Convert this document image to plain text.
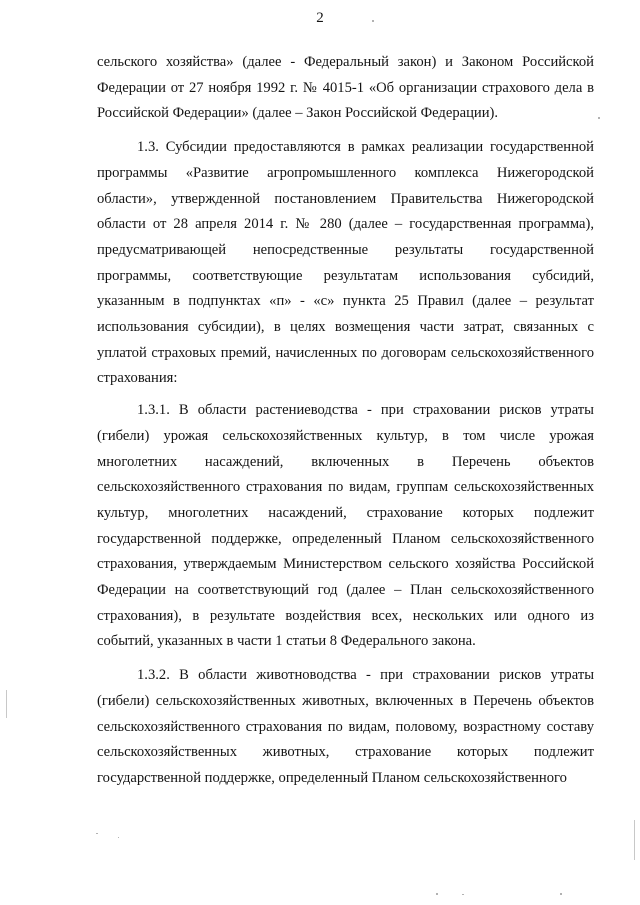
2

сельского хозяйства» (далее - Федеральный закон) и Законом Российской Федерации от 27 ноября 1992 г. № 4015-1 «Об организации страхового дела в Российской Федерации» (далее – Закон Российской Федерации).

1.3. Субсидии предоставляются в рамках реализации государственной программы «Развитие агропромышленного комплекса Нижегородской области», утвержденной постановлением Правительства Нижегородской области от 28 апреля 2014 г. № 280 (далее – государственная программа), предусматривающей непосредственные результаты государственной программы, соответствующие результатам использования субсидий, указанным в подпунктах «п» - «с» пункта 25 Правил (далее – результат использования субсидии), в целях возмещения части затрат, связанных с уплатой страховых премий, начисленных по договорам сельскохозяйственного страхования:

1.3.1. В области растениеводства - при страховании рисков утраты (гибели) урожая сельскохозяйственных культур, в том числе урожая многолетних насаждений, включенных в Перечень объектов сельскохозяйственного страхования по видам, группам сельскохозяйственных культур, многолетних насаждений, страхование которых подлежит государственной поддержке, определенный Планом сельскохозяйственного страхования, утверждаемым Министерством сельского хозяйства Российской Федерации на соответствующий год (далее – План сельскохозяйственного страхования), в результате воздействия всех, нескольких или одного из событий, указанных в части 1 статьи 8 Федерального закона.

1.3.2. В области животноводства - при страховании рисков утраты (гибели) сельскохозяйственных животных, включенных в Перечень объектов сельскохозяйственного страхования по видам, половому, возрастному составу сельскохозяйственных животных, страхование которых подлежит государственной поддержке, определенный Планом сельскохозяйственного
